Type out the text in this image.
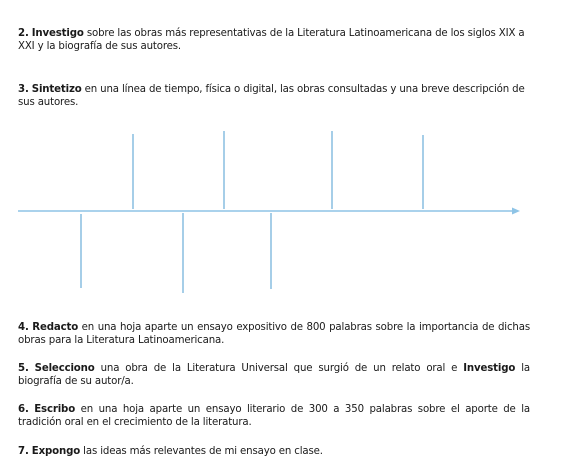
2. Investigo sobre las obras más representativas de la Literatura Latinoamericana de los siglos XIX a XXI y la biografía de sus autores.

3. Sintetizo en una línea de tiempo, física o digital, las obras consultadas y una breve descripción de sus autores.

4. Redacto en una hoja aparte un ensayo expositivo de 800 palabras sobre la importancia de dichas obras para la Literatura Latinoamericana.

5. Selecciono una obra de la Literatura Universal que surgió de un relato oral e Investigo la biografía de su autor/a.

6. Escribo en una hoja aparte un ensayo literario de 300 a 350 palabras sobre el aporte de la tradición oral en el crecimiento de la literatura.

7. Expongo las ideas más relevantes de mi ensayo en clase.
